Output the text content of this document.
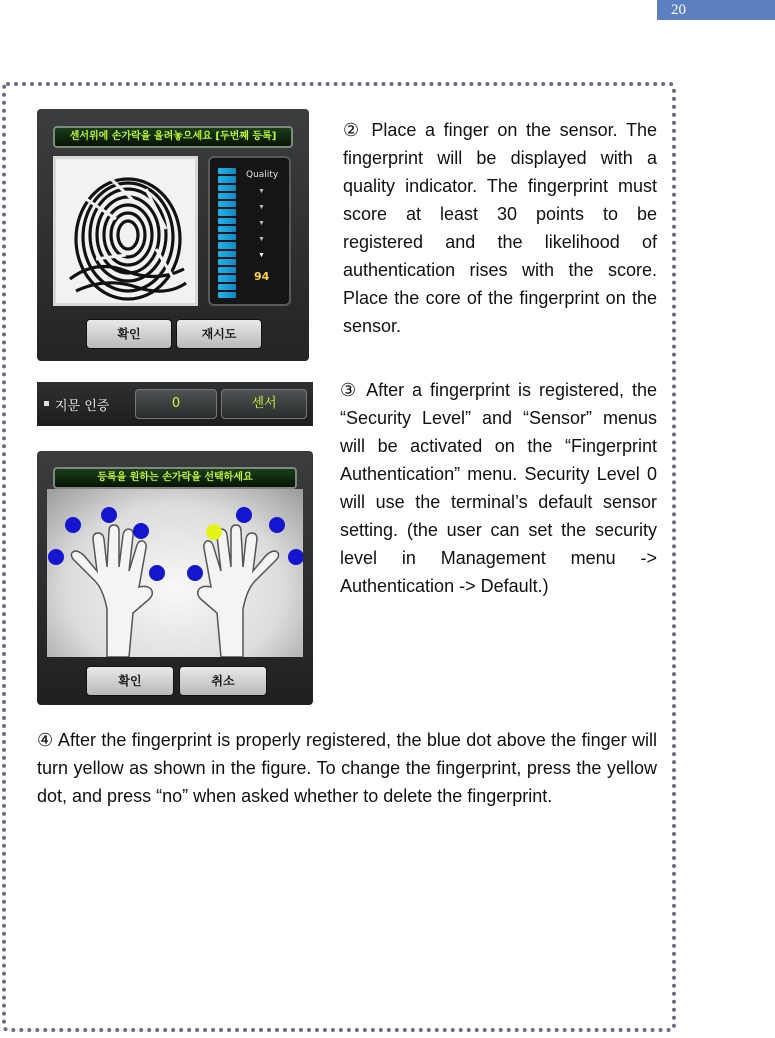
20
센서위에 손가락을 올려놓으세요 [두번째 등록]
Quality
▼
▼
▼
▼
▼
94
확인	재시도
② Place a finger on the sensor. The fingerprint will be displayed with a quality indicator. The fingerprint must score at least 30 points to be registered and the likelihood of authentication rises with the score. Place the core of the fingerprint on the sensor.
지문 인증	0	센서
③ After a fingerprint is registered, the “Security Level” and “Sensor” menus will be activated on the “Fingerprint Authentication” menu. Security Level 0 will use the terminal’s default sensor setting. (the user can set the security level in Management menu -> Authentication -> Default.)
등록을 원하는 손가락을 선택하세요
확인	취소
④ After the fingerprint is properly registered, the blue dot above the finger will turn yellow as shown in the figure. To change the fingerprint, press the yellow dot, and press “no” when asked whether to delete the fingerprint.
